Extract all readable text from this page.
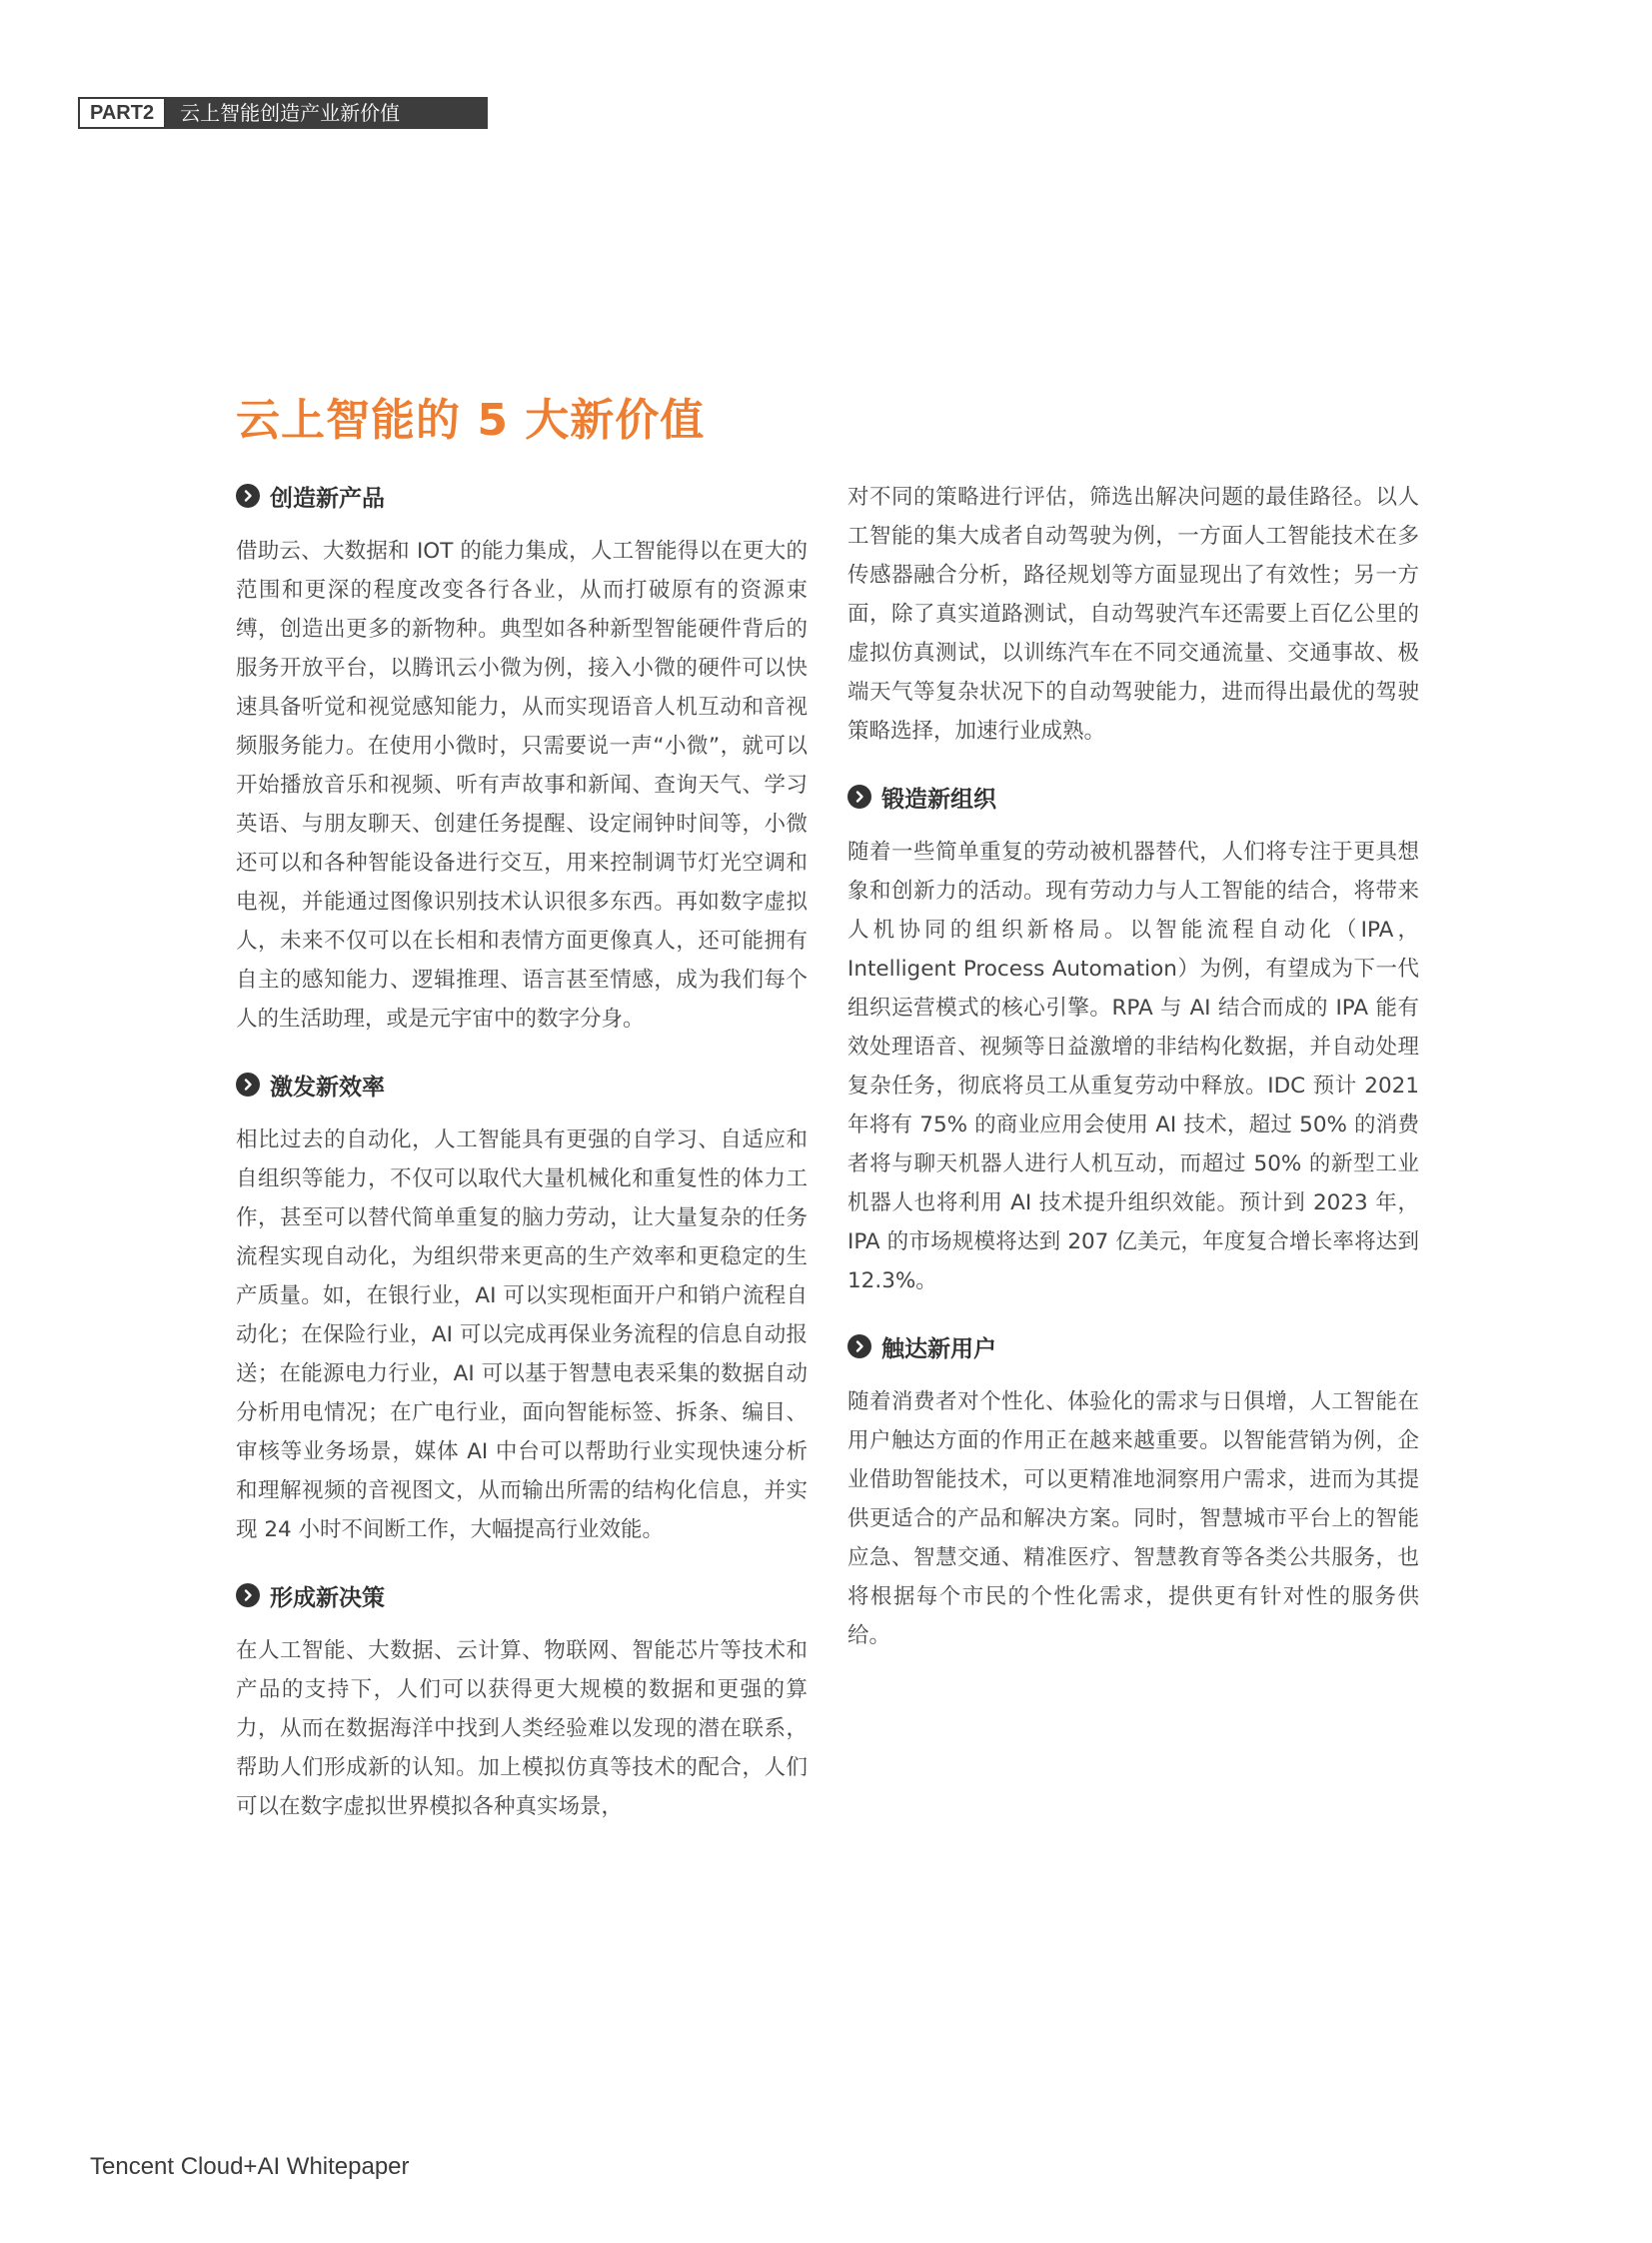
PART2	云上智能创造产业新价值
云上智能的 5 大新价值
创造新产品

借助云、大数据和 IOT 的能力集成，人工智能得以在更大的范围和更深的程度改变各行各业，从而打破原有的资源束缚，创造出更多的新物种。典型如各种新型智能硬件背后的服务开放平台，以腾讯云小微为例，接入小微的硬件可以快速具备听觉和视觉感知能力，从而实现语音人机互动和音视频服务能力。在使用小微时，只需要说一声“小微”，就可以开始播放音乐和视频、听有声故事和新闻、查询天气、学习英语、与朋友聊天、创建任务提醒、设定闹钟时间等，小微还可以和各种智能设备进行交互，用来控制调节灯光空调和电视，并能通过图像识别技术认识很多东西。再如数字虚拟人，未来不仅可以在长相和表情方面更像真人，还可能拥有自主的感知能力、逻辑推理、语言甚至情感，成为我们每个人的生活助理，或是元宇宙中的数字分身。

激发新效率

相比过去的自动化，人工智能具有更强的自学习、自适应和自组织等能力，不仅可以取代大量机械化和重复性的体力工作，甚至可以替代简单重复的脑力劳动，让大量复杂的任务流程实现自动化，为组织带来更高的生产效率和更稳定的生产质量。如，在银行业，AI 可以实现柜面开户和销户流程自动化；在保险行业，AI 可以完成再保业务流程的信息自动报送；在能源电力行业，AI 可以基于智慧电表采集的数据自动分析用电情况；在广电行业，面向智能标签、拆条、编目、审核等业务场景，媒体 AI 中台可以帮助行业实现快速分析和理解视频的音视图文，从而输出所需的结构化信息，并实现 24 小时不间断工作，大幅提高行业效能。

形成新决策

在人工智能、大数据、云计算、物联网、智能芯片等技术和产品的支持下，人们可以获得更大规模的数据和更强的算力，从而在数据海洋中找到人类经验难以发现的潜在联系，帮助人们形成新的认知。加上模拟仿真等技术的配合，人们可以在数字虚拟世界模拟各种真实场景，

对不同的策略进行评估，筛选出解决问题的最佳路径。以人工智能的集大成者自动驾驶为例，一方面人工智能技术在多传感器融合分析，路径规划等方面显现出了有效性；另一方面，除了真实道路测试，自动驾驶汽车还需要上百亿公里的虚拟仿真测试，以训练汽车在不同交通流量、交通事故、极端天气等复杂状况下的自动驾驶能力，进而得出最优的驾驶策略选择，加速行业成熟。

锻造新组织

随着一些简单重复的劳动被机器替代，人们将专注于更具想象和创新力的活动。现有劳动力与人工智能的结合，将带来人机协同的组织新格局。以智能流程自动化（IPA，Intelligent Process Automation）为例，有望成为下一代组织运营模式的核心引擎。RPA 与 AI 结合而成的 IPA 能有效处理语音、视频等日益激增的非结构化数据，并自动处理复杂任务，彻底将员工从重复劳动中释放。IDC 预计 2021 年将有 75% 的商业应用会使用 AI 技术，超过 50% 的消费者将与聊天机器人进行人机互动，而超过 50% 的新型工业机器人也将利用 AI 技术提升组织效能。预计到 2023 年，IPA 的市场规模将达到 207 亿美元，年度复合增长率将达到 12.3%。

触达新用户

随着消费者对个性化、体验化的需求与日俱增，人工智能在用户触达方面的作用正在越来越重要。以智能营销为例，企业借助智能技术，可以更精准地洞察用户需求，进而为其提供更适合的产品和解决方案。同时，智慧城市平台上的智能应急、智慧交通、精准医疗、智慧教育等各类公共服务，也将根据每个市民的个性化需求，提供更有针对性的服务供给。

Tencent Cloud+AI Whitepaper
